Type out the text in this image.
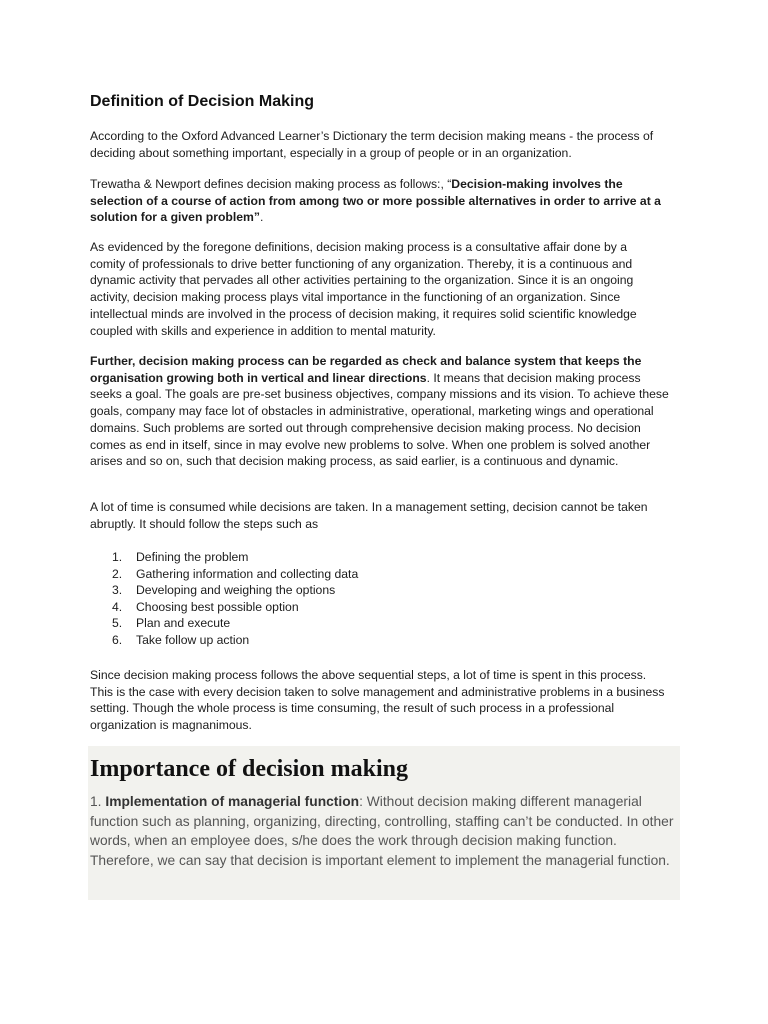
Definition of Decision Making

According to the Oxford Advanced Learner’s Dictionary the term decision making means - the process of deciding about something important, especially in a group of people or in an organization.

Trewatha & Newport defines decision making process as follows:, “Decision-making involves the selection of a course of action from among two or more possible alternatives in order to arrive at a solution for a given problem”.

As evidenced by the foregone definitions, decision making process is a consultative affair done by a comity of professionals to drive better functioning of any organization. Thereby, it is a continuous and dynamic activity that pervades all other activities pertaining to the organization. Since it is an ongoing activity, decision making process plays vital importance in the functioning of an organization. Since intellectual minds are involved in the process of decision making, it requires solid scientific knowledge coupled with skills and experience in addition to mental maturity.

Further, decision making process can be regarded as check and balance system that keeps the organisation growing both in vertical and linear directions. It means that decision making process seeks a goal. The goals are pre-set business objectives, company missions and its vision. To achieve these goals, company may face lot of obstacles in administrative, operational, marketing wings and operational domains. Such problems are sorted out through comprehensive decision making process. No decision comes as end in itself, since in may evolve new problems to solve. When one problem is solved another arises and so on, such that decision making process, as said earlier, is a continuous and dynamic.

A lot of time is consumed while decisions are taken. In a management setting, decision cannot be taken abruptly. It should follow the steps such as

1. Defining the problem
2. Gathering information and collecting data
3. Developing and weighing the options
4. Choosing best possible option
5. Plan and execute
6. Take follow up action

Since decision making process follows the above sequential steps, a lot of time is spent in this process. This is the case with every decision taken to solve management and administrative problems in a business setting. Though the whole process is time consuming, the result of such process in a professional organization is magnanimous.

Importance of decision making

1. Implementation of managerial function: Without decision making different managerial function such as planning, organizing, directing, controlling, staffing can’t be conducted. In other words, when an employee does, s/he does the work through decision making function. Therefore, we can say that decision is important element to implement the managerial function.
